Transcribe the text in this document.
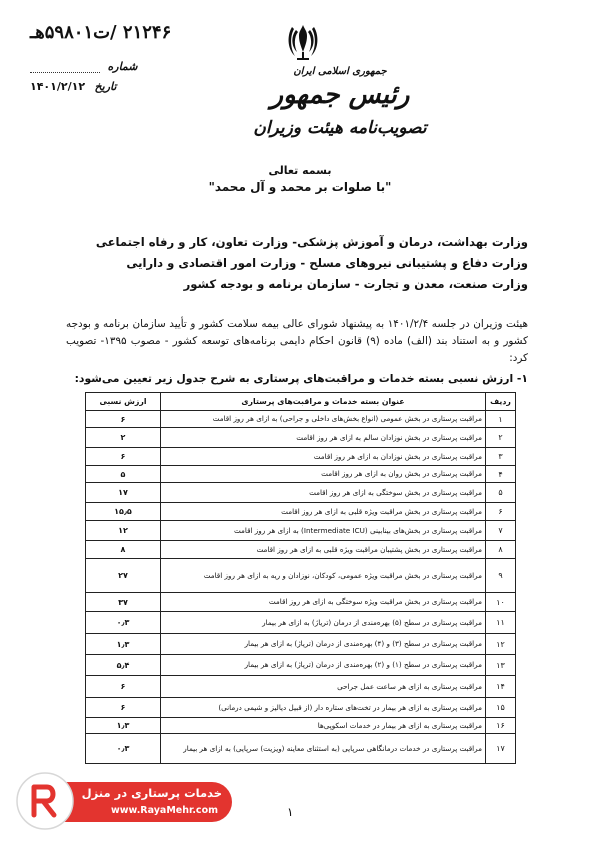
۲۱۲۴۶ /ت۵۹۸۰۱هـ
شماره
تاریخ ۱۴۰۱/۲/۱۲
جمهوری اسلامی ایران
رئیس جمهور
تصویب‌نامه هیئت وزیران
بسمه تعالی
"با صلوات بر محمد و آل محمد"
وزارت بهداشت، درمان و آموزش پزشکی- وزارت تعاون، کار و رفاه اجتماعی
وزارت دفاع و پشتیبانی نیروهای مسلح - وزارت امور اقتصادی و دارایی
وزارت صنعت، معدن و تجارت - سازمان برنامه و بودجه کشور
هیئت وزیران در جلسه ۱۴۰۱/۲/۴ به پیشنهاد شورای عالی بیمه سلامت کشور و تأیید سازمان برنامه و بودجه کشور و به استناد بند (الف) ماده (۹) قانون احکام دایمی برنامه‌های توسعه کشور - مصوب ۱۳۹۵- تصویب کرد:
۱- ارزش نسبی بسته خدمات و مراقبت‌های پرستاری به شرح جدول زیر تعیین می‌شود:
ردیف	عنوان بسته خدمات و مراقبت‌های پرستاری	ارزش نسبی
۱	مراقبت پرستاری در بخش عمومی (انواع بخش‌های داخلی و جراحی) به ازای هر روز اقامت	۶
۲	مراقبت پرستاری در بخش نوزادان سالم به ازای هر روز اقامت	۲
۳	مراقبت پرستاری در بخش نوزادان به ازای هر روز اقامت	۶
۴	مراقبت پرستاری در بخش روان به ازای هر روز اقامت	۵
۵	مراقبت پرستاری در بخش سوختگی به ازای هر روز اقامت	۱۷
۶	مراقبت پرستاری در بخش مراقبت ویژه قلبی به ازای هر روز اقامت	۱۵٫۵
۷	مراقبت پرستاری در بخش‌های بینابینی (Intermediate ICU) به ازای هر روز اقامت	۱۲
۸	مراقبت پرستاری در بخش پشتیبان مراقبت ویژه قلبی به ازای هر روز اقامت	۸
۹	مراقبت پرستاری در بخش مراقبت ویژه عمومی، کودکان، نوزادان و ریه به ازای هر روز اقامت	۲۷
۱۰	مراقبت پرستاری در بخش مراقبت ویژه سوختگی به ازای هر روز اقامت	۳۷
۱۱	مراقبت پرستاری در سطح (۵) بهره‌مندی از درمان (تریاژ) به ازای هر بیمار	۰٫۳
۱۲	مراقبت پرستاری در سطح (۳) و (۴) بهره‌مندی از درمان (تریاژ) به ازای هر بیمار	۱٫۳
۱۳	مراقبت پرستاری در سطح (۱) و (۲) بهره‌مندی از درمان (تریاژ) به ازای هر بیمار	۵٫۴
۱۴	مراقبت پرستاری به ازای هر ساعت عمل جراحی	۶
۱۵	مراقبت پرستاری به ازای هر بیمار در تخت‌های ستاره دار (از قبیل دیالیز و شیمی درمانی)	۶
۱۶	مراقبت پرستاری به ازای هر بیمار در خدمات اسکوپی‌ها	۱٫۳
۱۷	مراقبت پرستاری در خدمات درمانگاهی سرپایی (به استثنای معاینه (ویزیت) سرپایی) به ازای هر بیمار	۰٫۳
۱
خدمات پرستاری در منزل
www.RayaMehr.com
